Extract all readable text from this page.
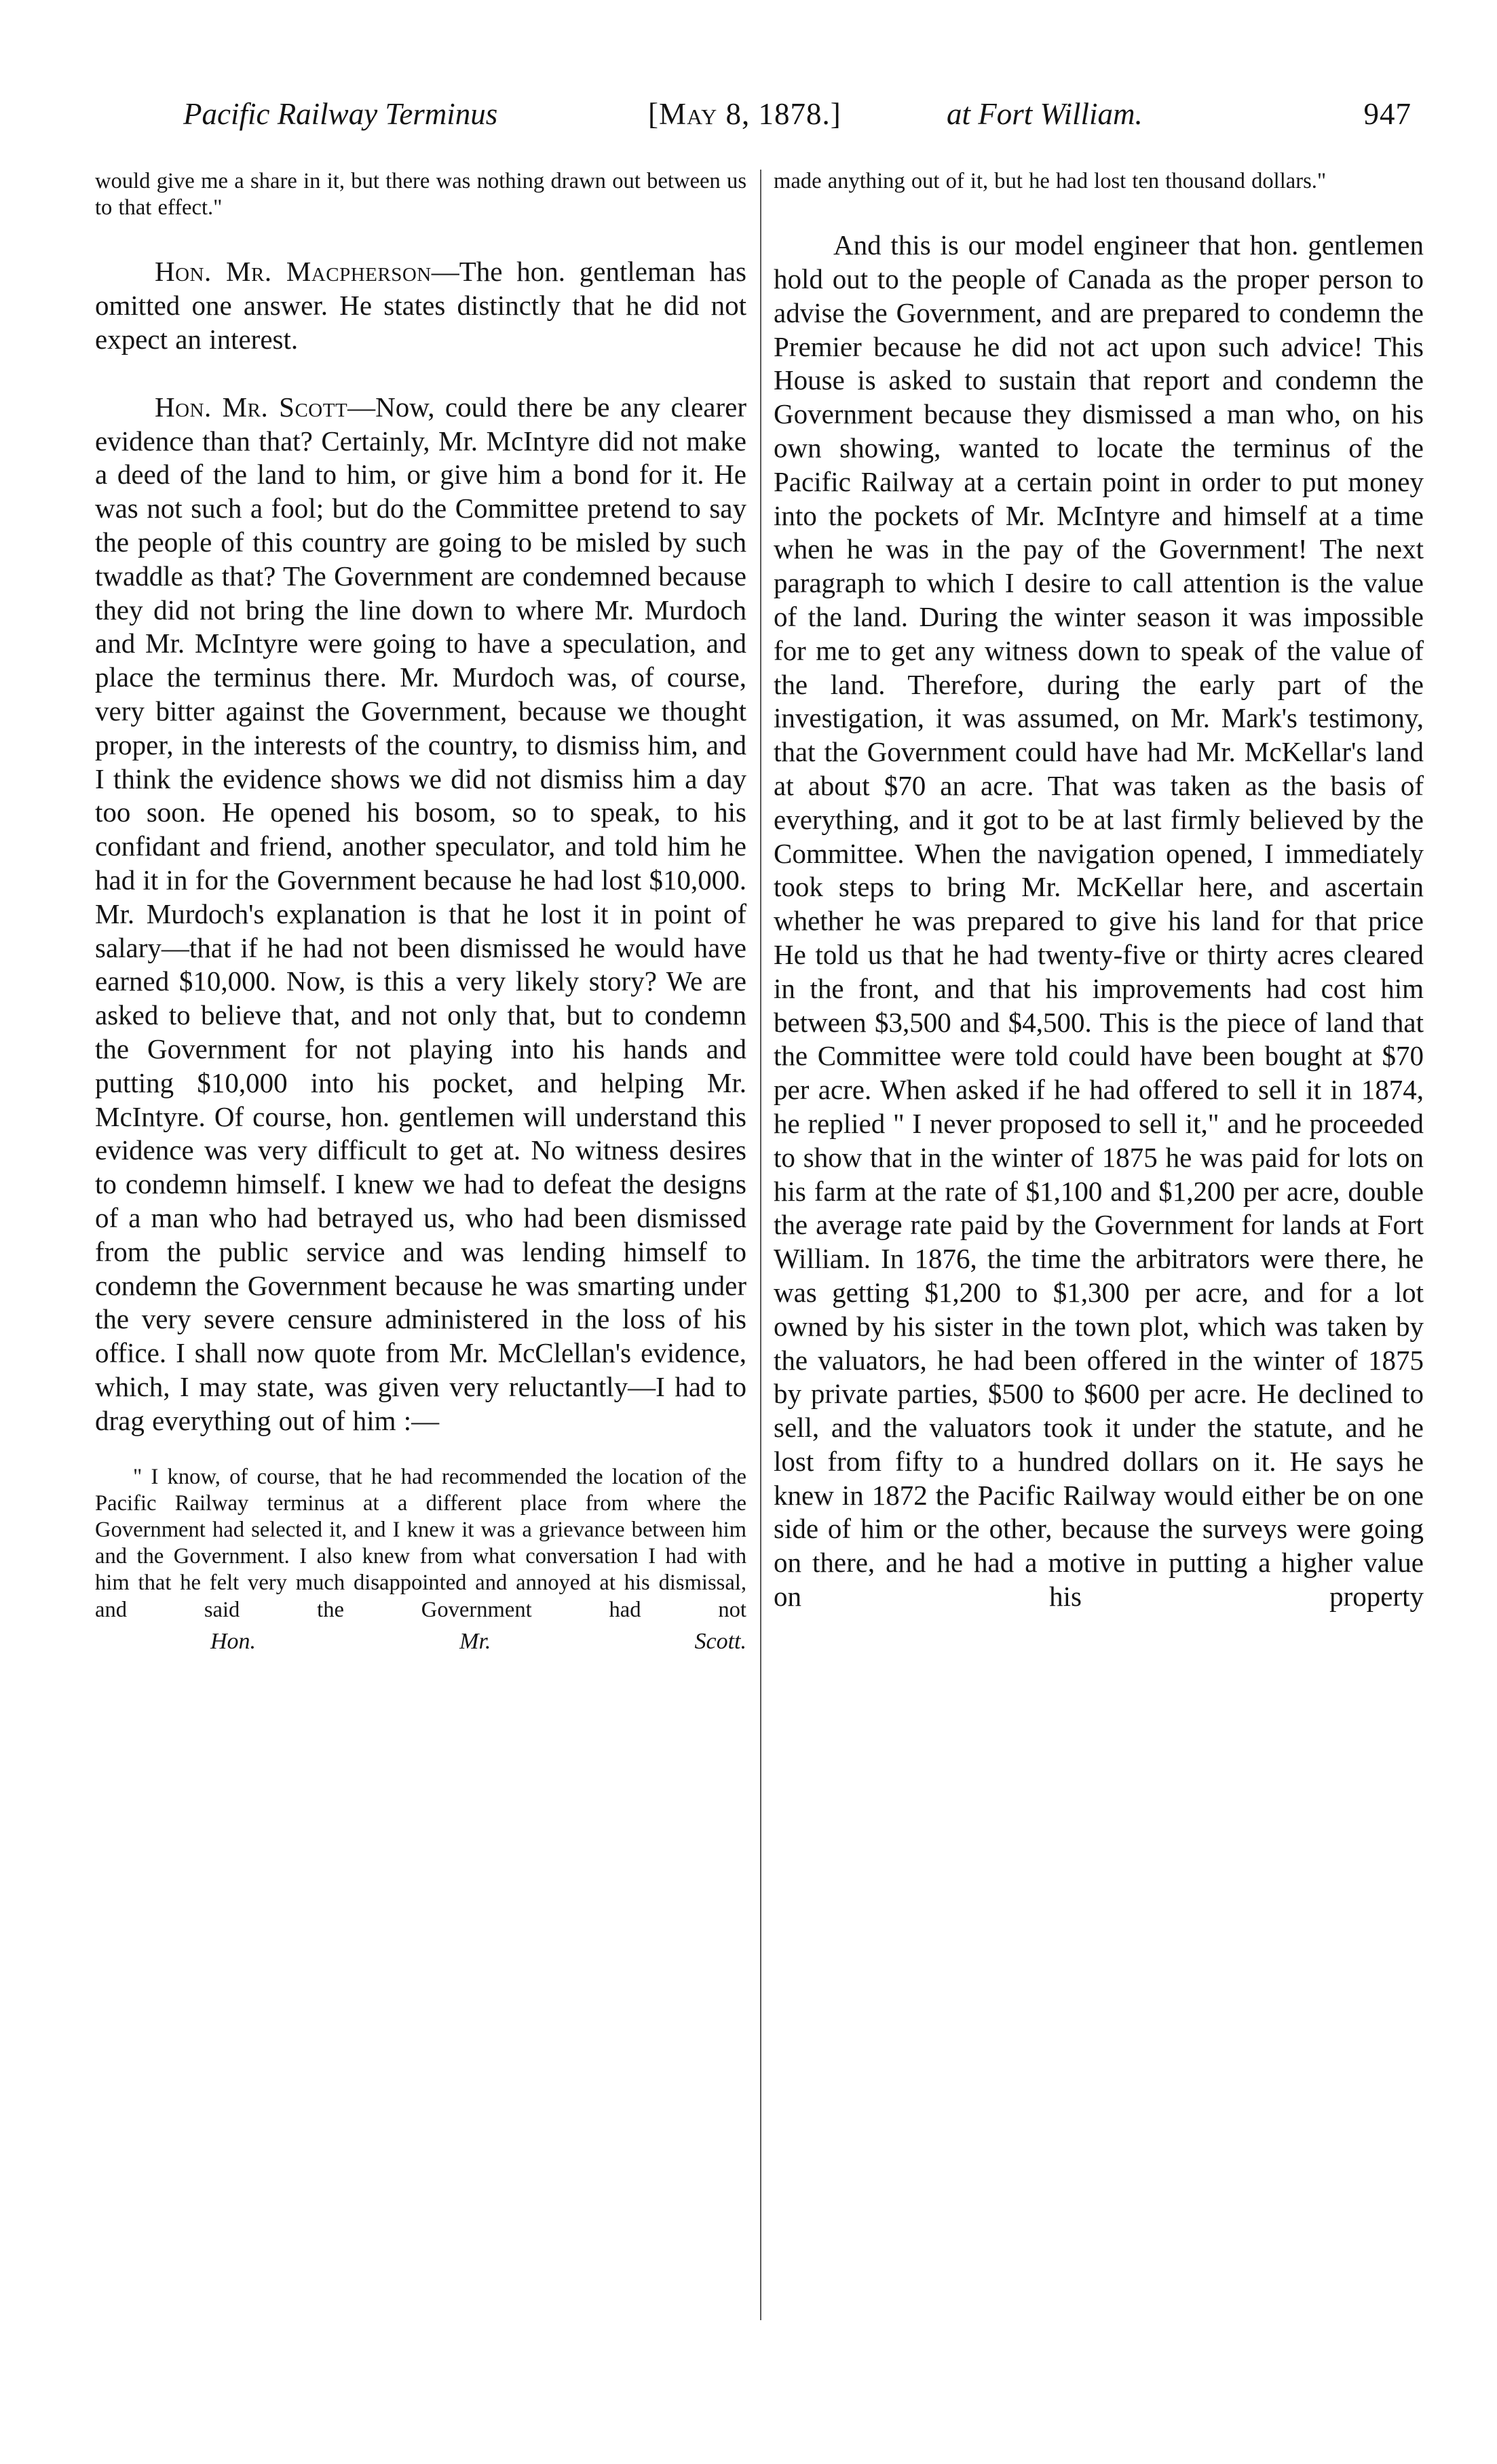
Pacific Railway Terminus	[May 8, 1878.]	at Fort William.	947

would give me a share in it, but there was nothing drawn out between us to that effect."

Hon. Mr. Macpherson—The hon. gentleman has omitted one answer. He states distinctly that he did not expect an interest.

Hon. Mr. Scott—Now, could there be any clearer evidence than that? Certainly, Mr. McIntyre did not make a deed of the land to him, or give him a bond for it. He was not such a fool; but do the Committee pretend to say the people of this country are going to be misled by such twaddle as that? The Government are condemned because they did not bring the line down to where Mr. Murdoch and Mr. McIntyre were going to have a speculation, and place the terminus there. Mr. Murdoch was, of course, very bitter against the Government, because we thought proper, in the interests of the country, to dismiss him, and I think the evidence shows we did not dismiss him a day too soon. He opened his bosom, so to speak, to his confidant and friend, another speculator, and told him he had it in for the Government because he had lost $10,000. Mr. Murdoch's explanation is that he lost it in point of salary—that if he had not been dismissed he would have earned $10,000. Now, is this a very likely story? We are asked to believe that, and not only that, but to condemn the Government for not playing into his hands and putting $10,000 into his pocket, and helping Mr. McIntyre. Of course, hon. gentlemen will understand this evidence was very difficult to get at. No witness desires to condemn himself. I knew we had to defeat the designs of a man who had betrayed us, who had been dismissed from the public service and was lending himself to condemn the Government because he was smarting under the very severe censure administered in the loss of his office. I shall now quote from Mr. McClellan's evidence, which, I may state, was given very reluctantly—I had to drag everything out of him :—

" I know, of course, that he had recommended the location of the Pacific Railway terminus at a different place from where the Government had selected it, and I knew it was a grievance between him and the Government. I also knew from what conversation I had with him that he felt very much disappointed and annoyed at his dismissal, and said the Government had not

Hon. Mr. Scott.

made anything out of it, but he had lost ten thousand dollars."

And this is our model engineer that hon. gentlemen hold out to the people of Canada as the proper person to advise the Government, and are prepared to condemn the Premier because he did not act upon such advice! This House is asked to sustain that report and condemn the Government because they dismissed a man who, on his own showing, wanted to locate the terminus of the Pacific Railway at a certain point in order to put money into the pockets of Mr. McIntyre and himself at a time when he was in the pay of the Government! The next paragraph to which I desire to call attention is the value of the land. During the winter season it was impossible for me to get any witness down to speak of the value of the land. Therefore, during the early part of the investigation, it was assumed, on Mr. Mark's testimony, that the Government could have had Mr. McKellar's land at about $70 an acre. That was taken as the basis of everything, and it got to be at last firmly believed by the Committee. When the navigation opened, I immediately took steps to bring Mr. McKellar here, and ascertain whether he was prepared to give his land for that price He told us that he had twenty-five or thirty acres cleared in the front, and that his improvements had cost him between $3,500 and $4,500. This is the piece of land that the Committee were told could have been bought at $70 per acre. When asked if he had offered to sell it in 1874, he replied " I never proposed to sell it," and he proceeded to show that in the winter of 1875 he was paid for lots on his farm at the rate of $1,100 and $1,200 per acre, double the average rate paid by the Government for lands at Fort William. In 1876, the time the arbitrators were there, he was getting $1,200 to $1,300 per acre, and for a lot owned by his sister in the town plot, which was taken by the valuators, he had been offered in the winter of 1875 by private parties, $500 to $600 per acre. He declined to sell, and the valuators took it under the statute, and he lost from fifty to a hundred dollars on it. He says he knew in 1872 the Pacific Railway would either be on one side of him or the other, because the surveys were going on there, and he had a motive in putting a higher value on his property
